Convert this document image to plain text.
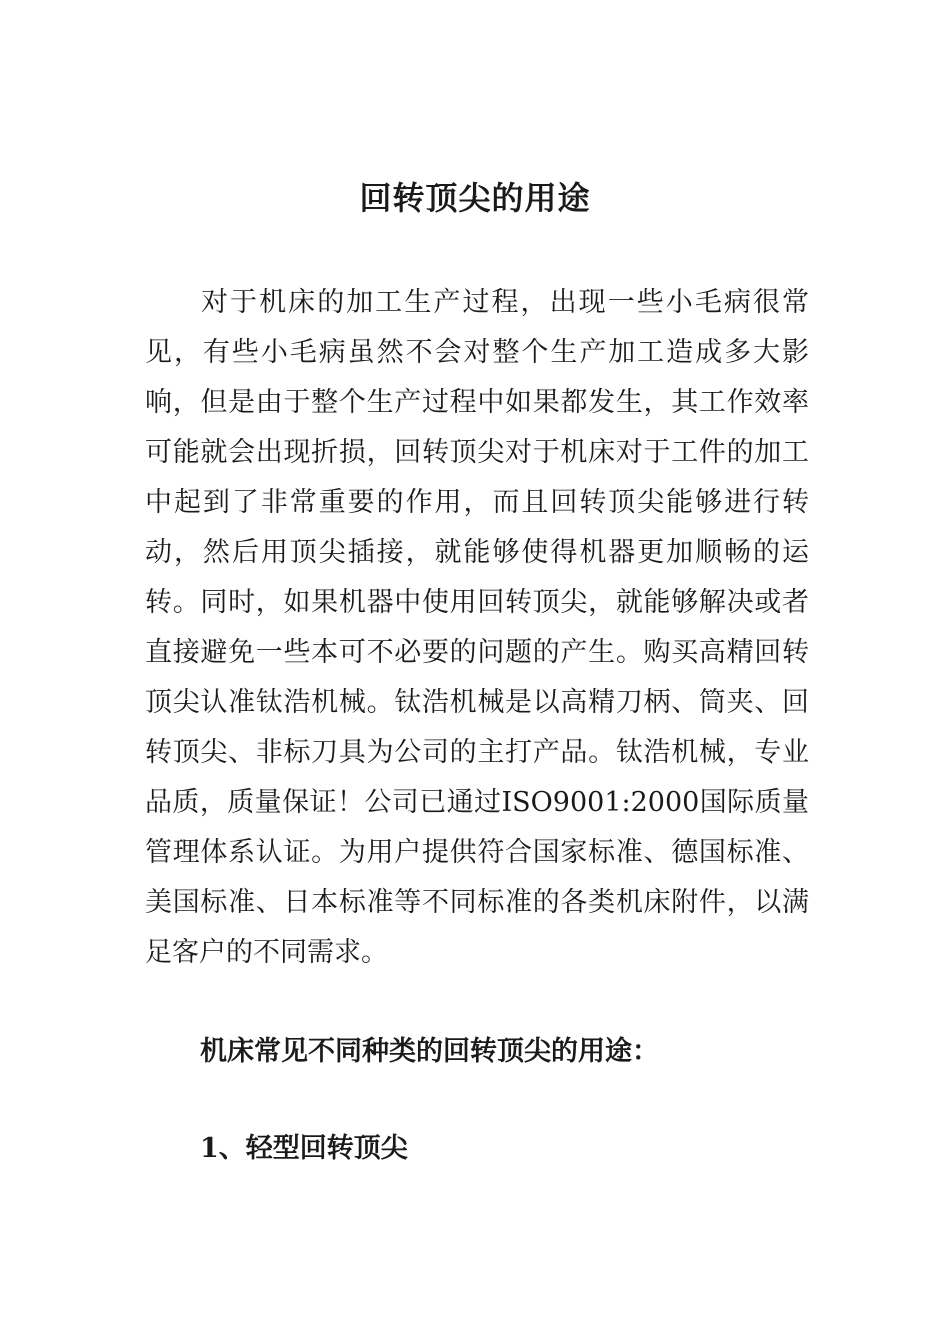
回转顶尖的用途

对于机床的加工生产过程，出现一些小毛病很常见，有些小毛病虽然不会对整个生产加工造成多大影响，但是由于整个生产过程中如果都发生，其工作效率可能就会出现折损，回转顶尖对于机床对于工件的加工中起到了非常重要的作用，而且回转顶尖能够进行转动，然后用顶尖插接，就能够使得机器更加顺畅的运转。同时，如果机器中使用回转顶尖，就能够解决或者直接避免一些本可不必要的问题的产生。购买高精回转顶尖认准钛浩机械。钛浩机械是以高精刀柄、筒夹、回转顶尖、非标刀具为公司的主打产品。钛浩机械，专业品质，质量保证！公司已通过ISO9001:2000国际质量管理体系认证。为用户提供符合国家标准、德国标准、美国标准、日本标准等不同标准的各类机床附件，以满足客户的不同需求。

机床常见不同种类的回转顶尖的用途：

1、轻型回转顶尖
